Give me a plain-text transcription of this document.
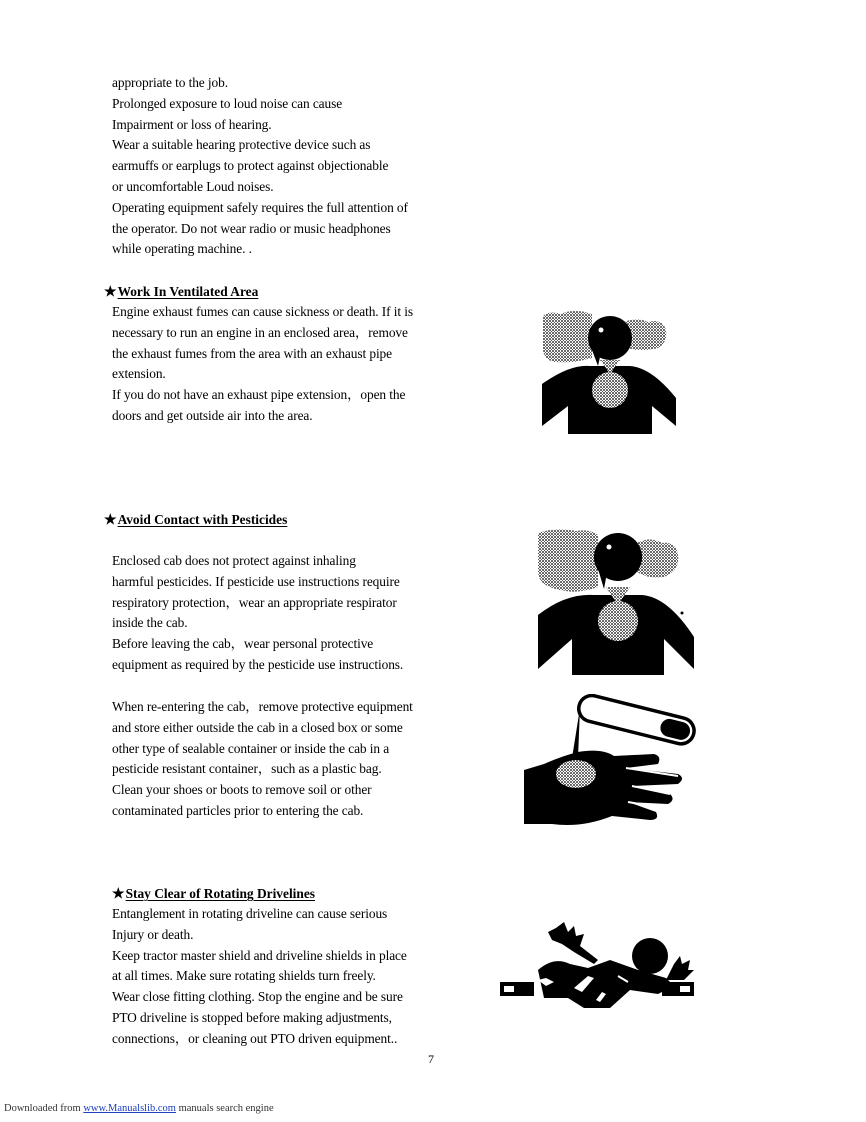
appropriate to the job.
Prolonged exposure to loud noise can cause
Impairment or loss of hearing.
Wear a suitable hearing protective device such as
earmuffs or earplugs to protect against objectionable
or uncomfortable Loud noises.
Operating equipment safely requires the full attention of
the operator. Do not wear radio or music headphones
while operating machine. .
★Work In Ventilated Area
Engine exhaust fumes can cause sickness or death. If it is
necessary to run an engine in an enclosed area，remove
the exhaust fumes from the area with an exhaust pipe
extension.
If you do not have an exhaust pipe extension，open the
doors and get outside air into the area.
★Avoid Contact with Pesticides
Enclosed cab does not protect against inhaling
harmful pesticides. If pesticide use instructions require
respiratory protection，wear an appropriate respirator
inside the cab.
Before leaving the cab，wear personal protective
equipment as required by the pesticide use instructions.
When re-entering the cab，remove protective equipment
and store either outside the cab in a closed box or some
other type of sealable container or inside the cab in a
pesticide resistant container，such as a plastic bag.
Clean your shoes or boots to remove soil or other
contaminated particles prior to entering the cab.
★Stay Clear of Rotating Drivelines
Entanglement in rotating driveline can cause serious
Injury or death.
Keep tractor master shield and driveline shields in place
at all times. Make sure rotating shields turn freely.
Wear close fitting clothing. Stop the engine and be sure
PTO driveline is stopped before making adjustments,
connections，or cleaning out PTO driven equipment..
7
Downloaded from www.Manualslib.com manuals search engine
